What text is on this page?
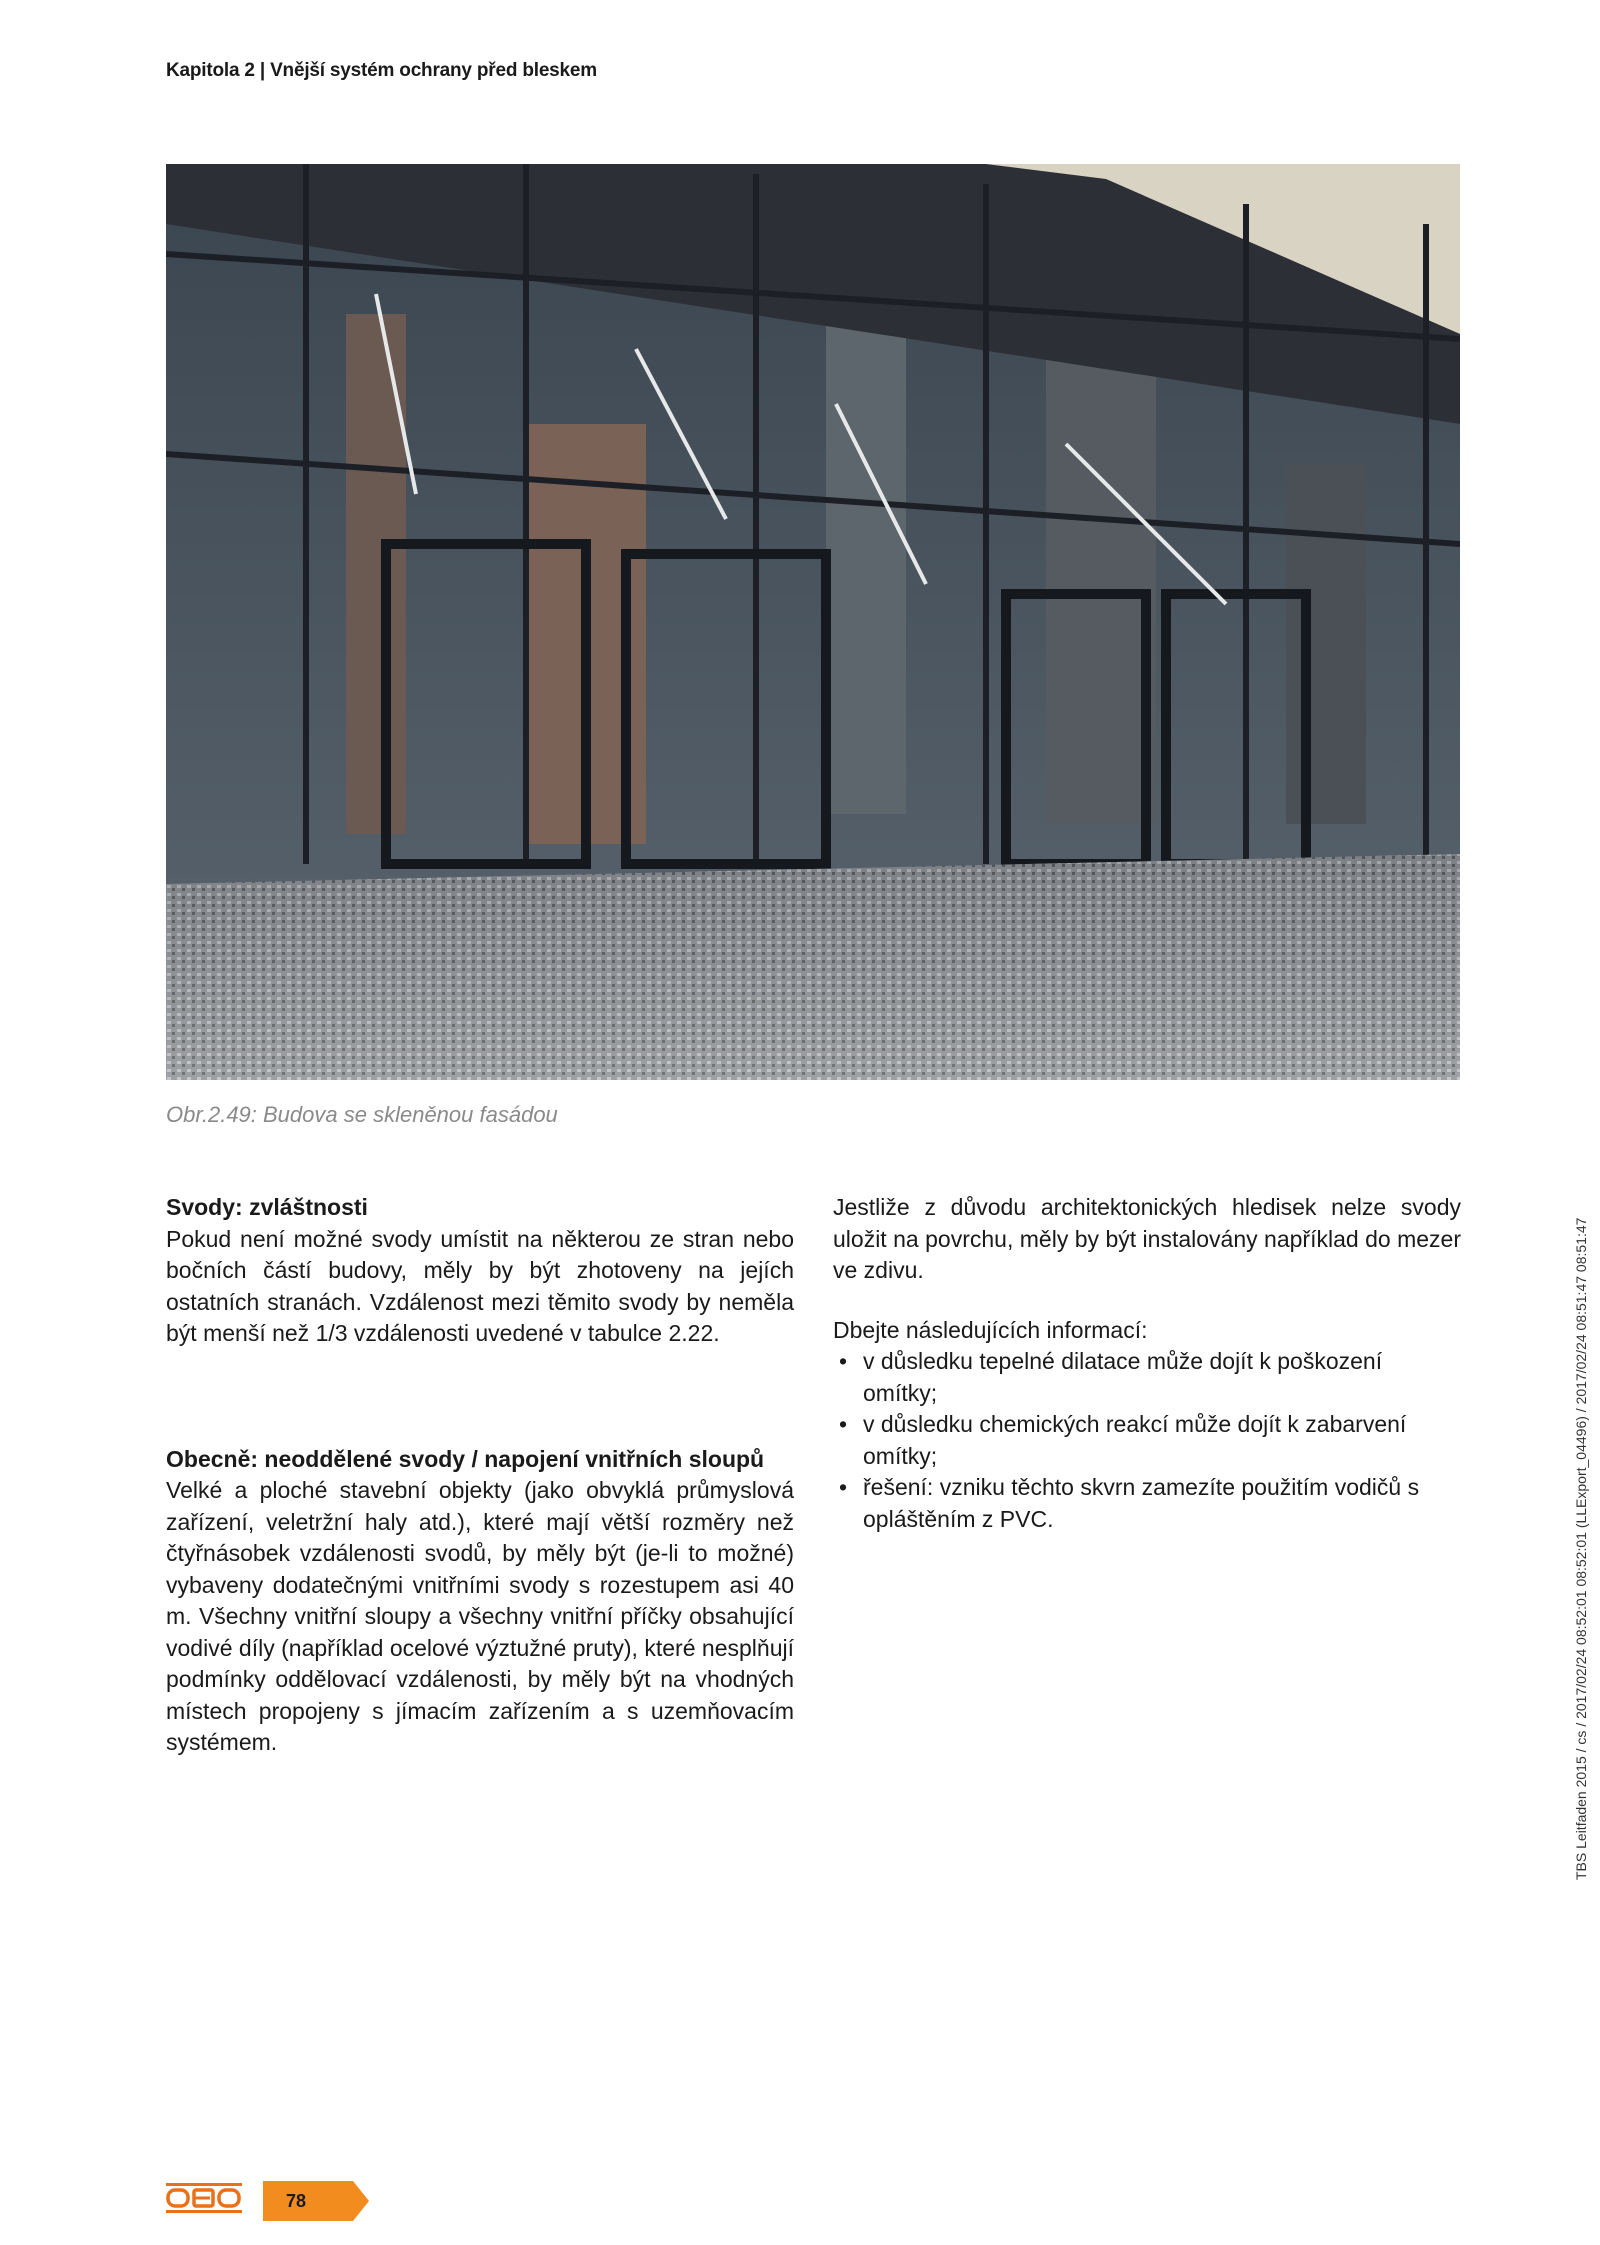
Kapitola 2 | Vnější systém ochrany před bleskem
Obr.2.49: Budova se skleněnou fasádou
Svody: zvláštnosti

Pokud není možné svody umístit na některou ze stran nebo bočních částí budovy, měly by být zhotoveny na jejích ostatních stranách. Vzdálenost mezi těmito svody by neměla být menší než 1/3 vzdálenosti uvedené v tabulce 2.22.

Obecně: neoddělené svody / napojení vnitřních sloupů

Velké a ploché stavební objekty (jako obvyklá průmyslová zařízení, veletržní haly atd.), které mají větší rozměry než čtyřnásobek vzdálenosti svodů, by měly být (je-li to možné) vybaveny dodatečnými vnitřními svody s rozestupem asi 40 m. Všechny vnitřní sloupy a všechny vnitřní příčky obsahující vodivé díly (například ocelové výztužné pruty), které nesplňují podmínky oddělovací vzdálenosti, by měly být na vhodných místech propojeny s jímacím zařízením a s uzemňovacím systémem.

Jestliže z důvodu architektonických hledisek nelze svody uložit na povrchu, měly by být instalovány například do mezer ve zdivu.

Dbejte následujících informací:
• v důsledku tepelné dilatace může dojít k poškození omítky;
• v důsledku chemických reakcí může dojít k zabarvení omítky;
• řešení: vzniku těchto skvrn zamezíte použitím vodičů s opláštěním z PVC.	TBS Leitfaden 2015 / cs / 2017/02/24 08:52:01 08:52:01 (LLExport_04496) / 2017/02/24 08:51:47 08:51:47
78
